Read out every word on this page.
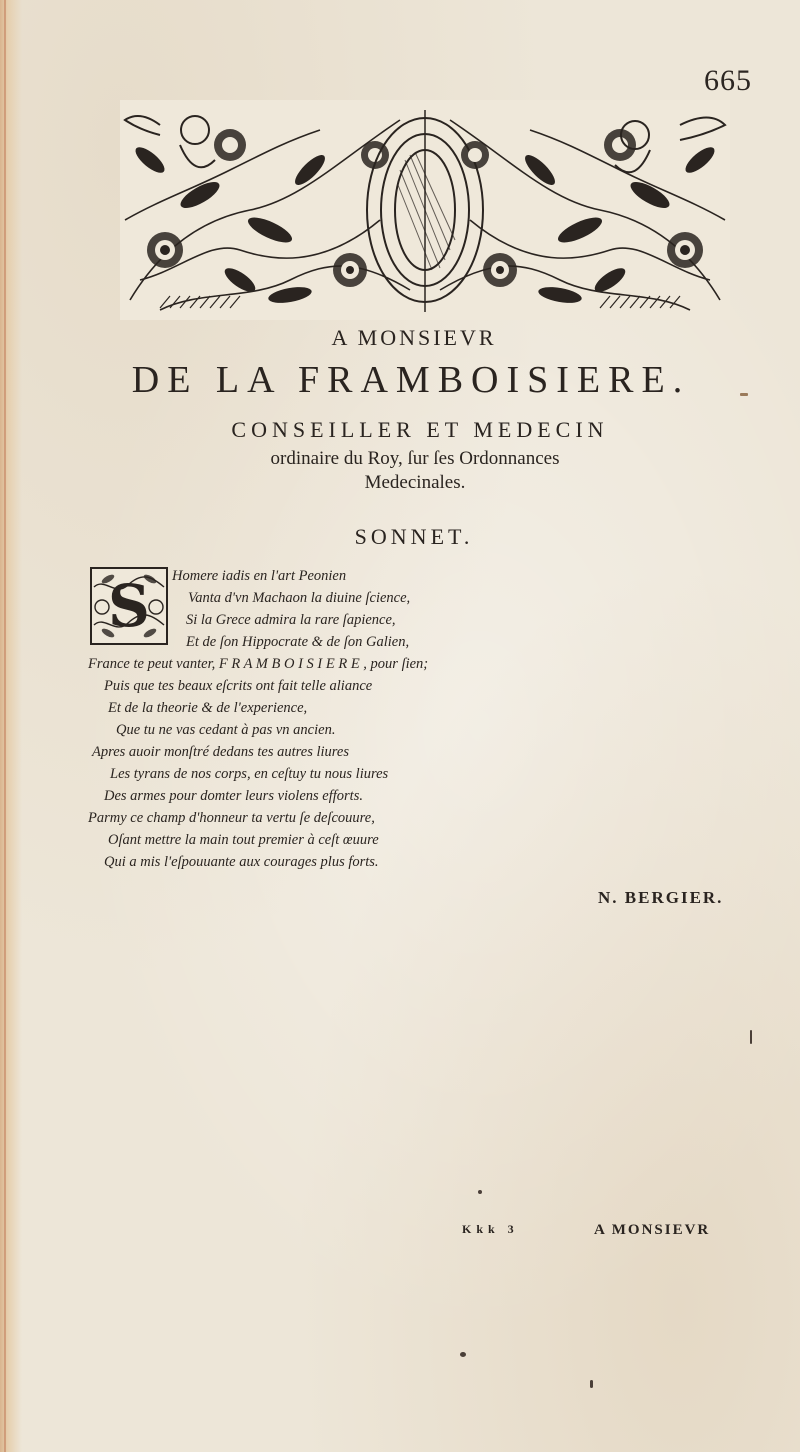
665
A MONSIEVR
DE LA FRAMBOISIERE.
CONSEILLER ET MEDECIN
ordinaire du Roy, ſur ſes Ordonnances
Medecinales.
SONNET.
S	Homere iadis en l'art Peonien
Vanta d'vn Machaon la diuine ſcience,
Si la Grece admira la rare ſapience,
Et de ſon Hippocrate & de ſon Galien,
France te peut vanter, F R A M B O I S I E R E , pour ſien;
Puis que tes beaux eſcrits ont fait telle aliance
Et de la theorie & de l'experience,
Que tu ne vas cedant à pas vn ancien.
Apres auoir monſtré dedans tes autres liures
Les tyrans de nos corps, en ceſtuy tu nous liures
Des armes pour domter leurs violens efforts.
Parmy ce champ d'honneur ta vertu ſe deſcouure,
Oſant mettre la main tout premier à ceſt œuure
Qui a mis l'eſpouuante aux courages plus forts.
N. BERGIER.
Kkk 3	A MONSIEVR
